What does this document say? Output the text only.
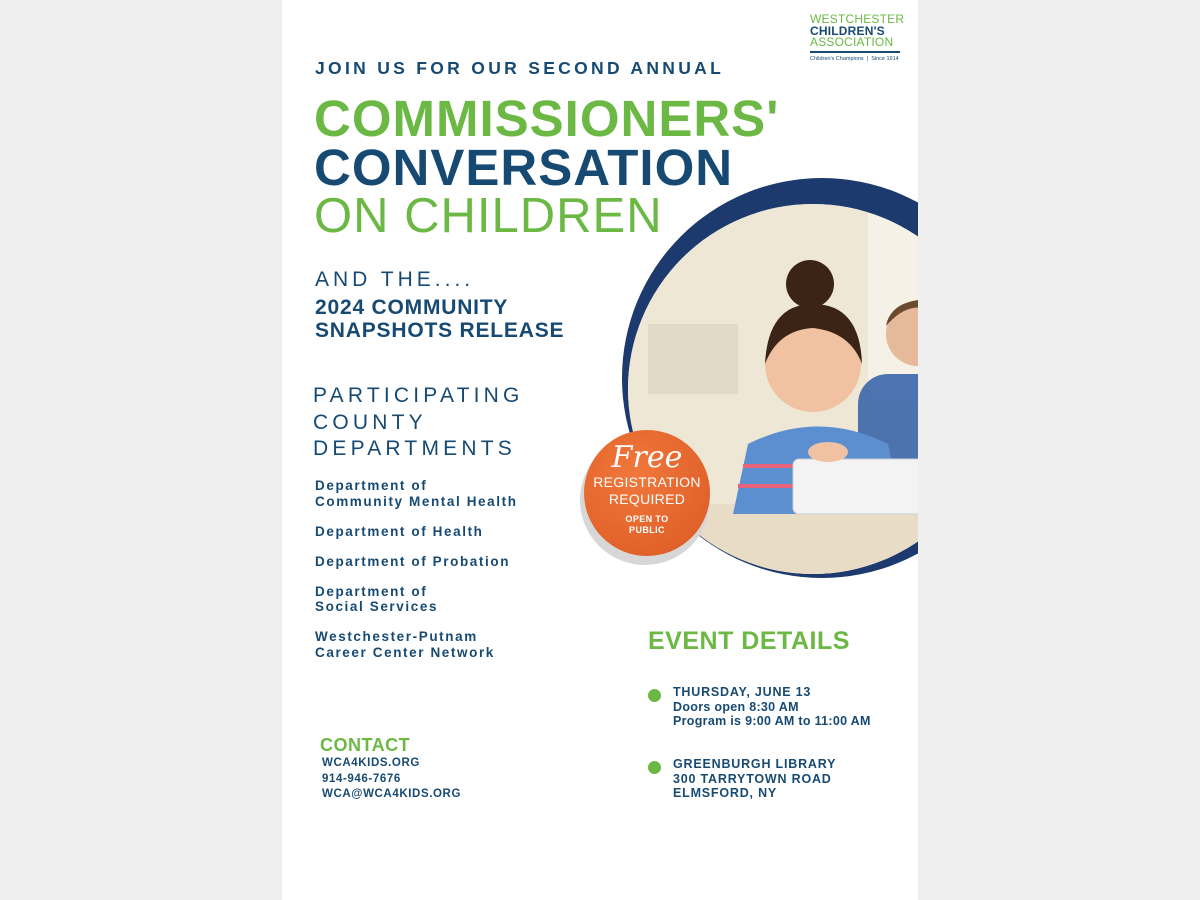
WESTCHESTER
CHILDREN'S
ASSOCIATION
Children's Champions  |  Since 1914
JOIN US FOR OUR SECOND ANNUAL
COMMISSIONERS'
CONVERSATION
ON CHILDREN
AND THE....
2024 COMMUNITY
SNAPSHOTS RELEASE
PARTICIPATING
COUNTY
DEPARTMENTS
Department of
Community Mental Health
Department of Health
Department of Probation
Department of
Social Services
Westchester-Putnam
Career Center Network
Free
REGISTRATION
REQUIRED
OPEN TO
PUBLIC
EVENT DETAILS
THURSDAY, JUNE 13
Doors open 8:30 AM
Program is 9:00 AM to 11:00 AM
GREENBURGH LIBRARY
300 TARRYTOWN ROAD
ELMSFORD, NY
CONTACT
WCA4KIDS.ORG
914-946-7676
WCA@WCA4KIDS.ORG
